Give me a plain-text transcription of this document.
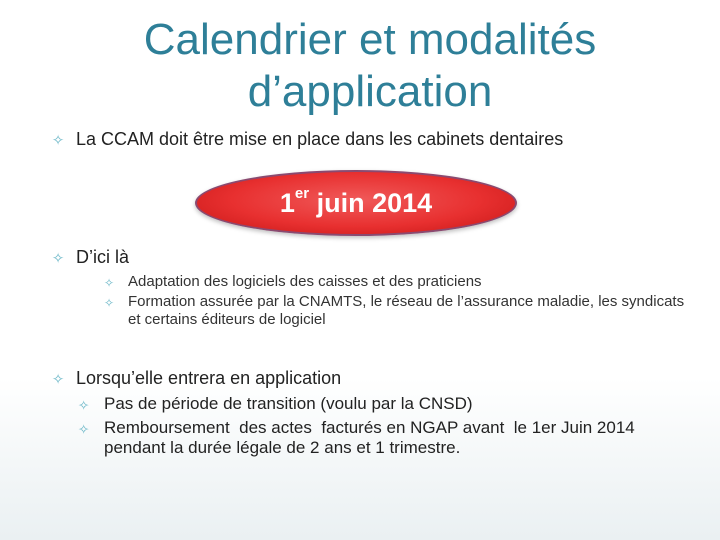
Calendrier et modalités
d’application
✧ La CCAM doit être mise en place dans les cabinets dentaires
1er juin 2014
✧ D’ici là
✧ Adaptation des logiciels des caisses et des praticiens
✧ Formation assurée par la CNAMTS, le réseau de l’assurance maladie, les syndicats et certains éditeurs de logiciel
✧ Lorsqu’elle entrera en application
✧ Pas de période de transition (voulu par la CNSD)
✧ Remboursement  des actes  facturés en NGAP avant  le 1er Juin 2014 pendant la durée légale de 2 ans et 1 trimestre.
